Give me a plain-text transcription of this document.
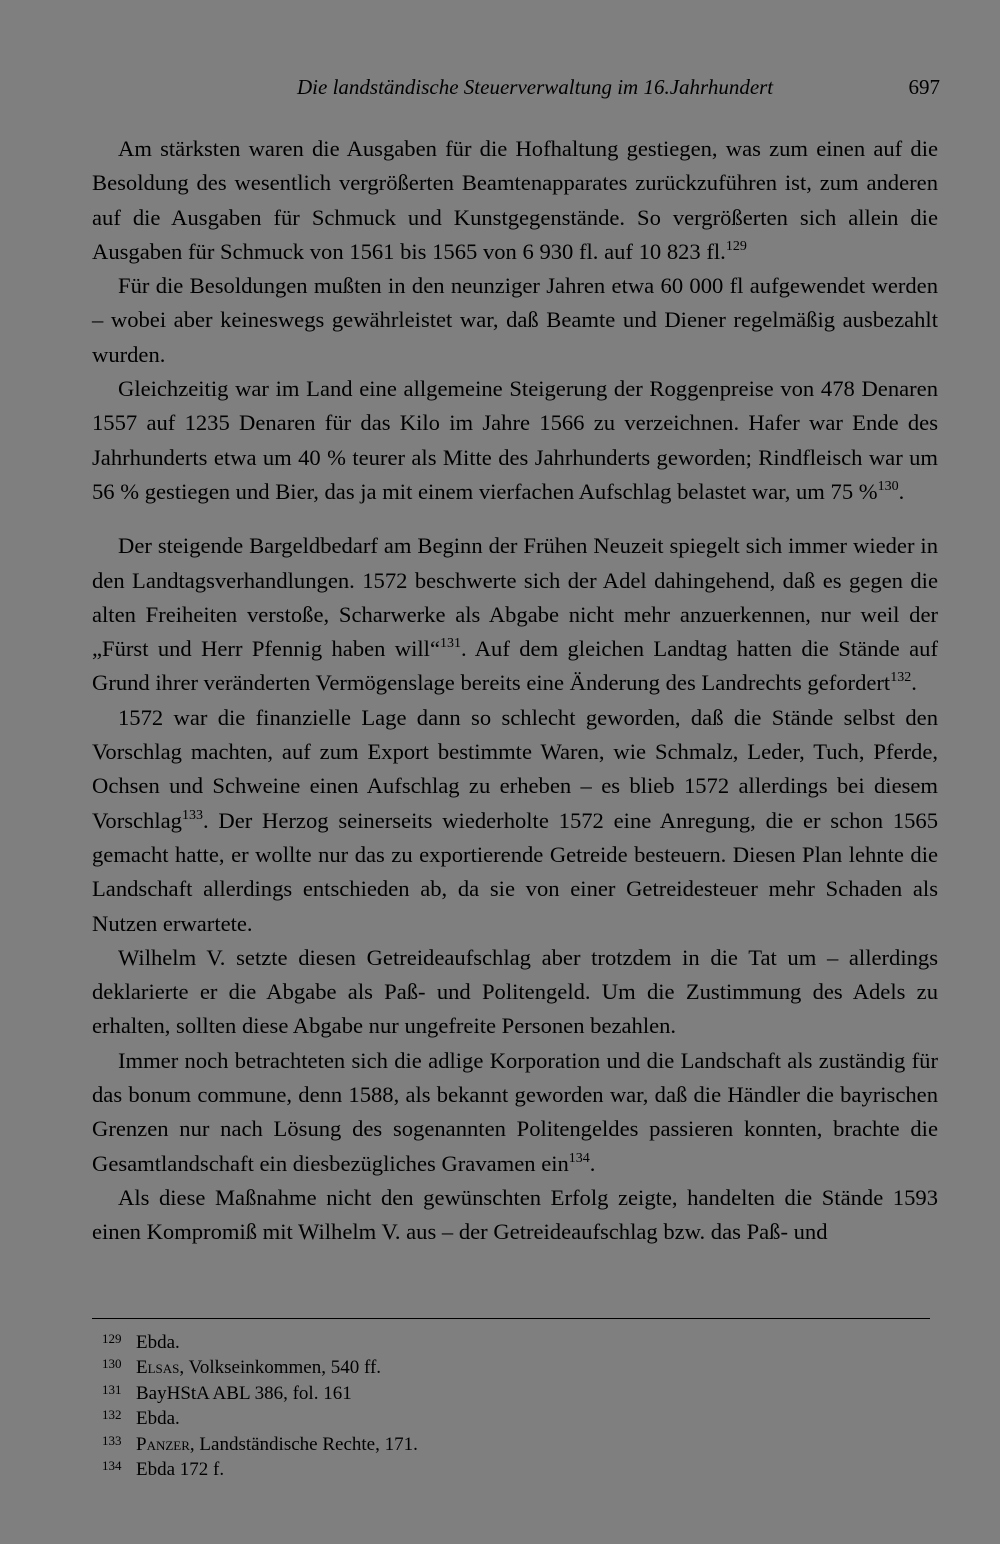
Die landständische Steuerverwaltung im 16.Jahrhundert	697

Am stärksten waren die Ausgaben für die Hofhaltung gestiegen, was zum einen auf die Besoldung des wesentlich vergrößerten Beamtenapparates zurückzuführen ist, zum anderen auf die Ausgaben für Schmuck und Kunstgegenstände. So vergrößerten sich allein die Ausgaben für Schmuck von 1561 bis 1565 von 6 930 fl. auf 10 823 fl.$^{129}$

Für die Besoldungen mußten in den neunziger Jahren etwa 60 000 fl aufgewendet werden – wobei aber keineswegs gewährleistet war, daß Beamte und Diener regelmäßig ausbezahlt wurden.

Gleichzeitig war im Land eine allgemeine Steigerung der Roggenpreise von 478 Denaren 1557 auf 1235 Denaren für das Kilo im Jahre 1566 zu verzeichnen. Hafer war Ende des Jahrhunderts etwa um 40 % teurer als Mitte des Jahrhunderts geworden; Rindfleisch war um 56 % gestiegen und Bier, das ja mit einem vierfachen Aufschlag belastet war, um 75 %$^{130}$.

Der steigende Bargeldbedarf am Beginn der Frühen Neuzeit spiegelt sich immer wieder in den Landtagsverhandlungen. 1572 beschwerte sich der Adel dahingehend, daß es gegen die alten Freiheiten verstoße, Scharwerke als Abgabe nicht mehr anzuerkennen, nur weil der „Fürst und Herr Pfennig haben will“$^{131}$. Auf dem gleichen Landtag hatten die Stände auf Grund ihrer veränderten Vermögenslage bereits eine Änderung des Landrechts gefordert$^{132}$.

1572 war die finanzielle Lage dann so schlecht geworden, daß die Stände selbst den Vorschlag machten, auf zum Export bestimmte Waren, wie Schmalz, Leder, Tuch, Pferde, Ochsen und Schweine einen Aufschlag zu erheben – es blieb 1572 allerdings bei diesem Vorschlag$^{133}$. Der Herzog seinerseits wiederholte 1572 eine Anregung, die er schon 1565 gemacht hatte, er wollte nur das zu exportierende Getreide besteuern. Diesen Plan lehnte die Landschaft allerdings entschieden ab, da sie von einer Getreidesteuer mehr Schaden als Nutzen erwartete.

Wilhelm V. setzte diesen Getreideaufschlag aber trotzdem in die Tat um – allerdings deklarierte er die Abgabe als Paß- und Politengeld. Um die Zustimmung des Adels zu erhalten, sollten diese Abgabe nur ungefreite Personen bezahlen.

Immer noch betrachteten sich die adlige Korporation und die Landschaft als zuständig für das bonum commune, denn 1588, als bekannt geworden war, daß die Händler die bayrischen Grenzen nur nach Lösung des sogenannten Politengeldes passieren konnten, brachte die Gesamtlandschaft ein diesbezügliches Gravamen ein$^{134}$.

Als diese Maßnahme nicht den gewünschten Erfolg zeigte, handelten die Stände 1593 einen Kompromiß mit Wilhelm V. aus – der Getreideaufschlag bzw. das Paß- und

129 Ebda.
130 Elsas, Volkseinkommen, 540 ff.
131 BayHStA ABL 386, fol. 161
132 Ebda.
133 Panzer, Landständische Rechte, 171.
134 Ebda 172 f.
